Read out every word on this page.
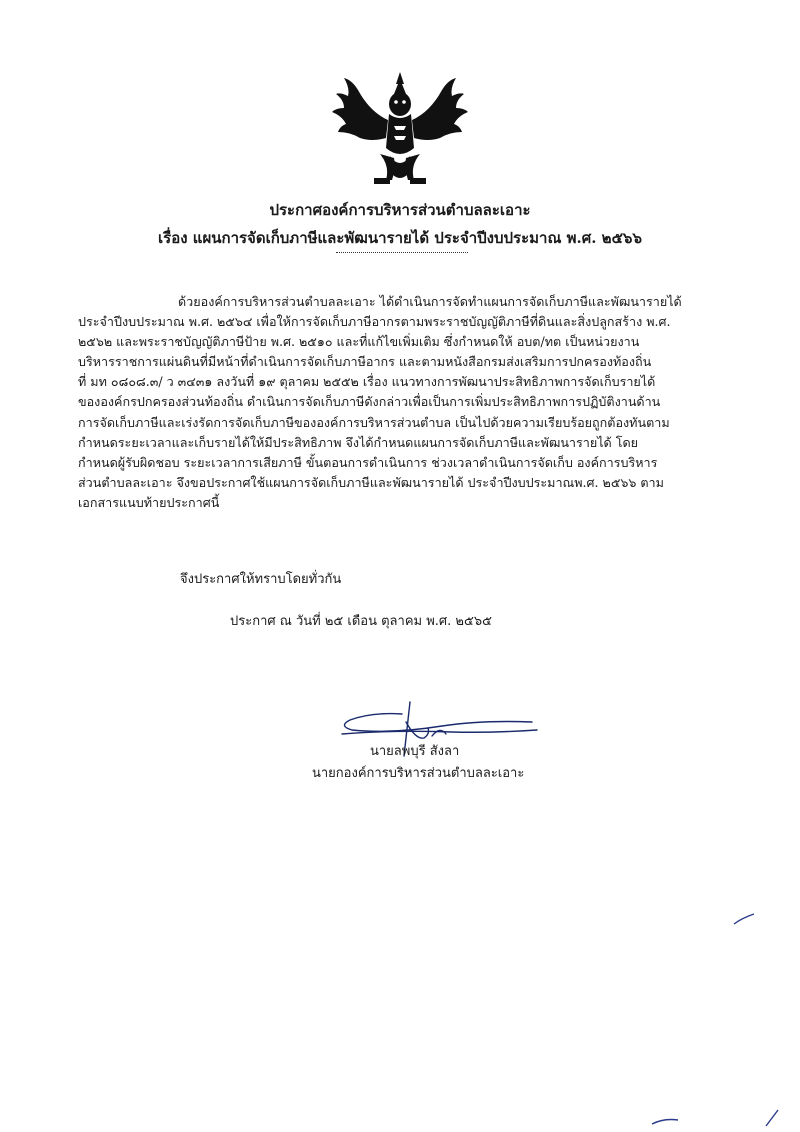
ประกาศองค์การบริหารส่วนตำบลละเอาะ
เรื่อง แผนการจัดเก็บภาษีและพัฒนารายได้ ประจำปีงบประมาณ พ.ศ. ๒๕๖๖
ด้วยองค์การบริหารส่วนตำบลละเอาะ ได้ดำเนินการจัดทำแผนการจัดเก็บภาษีและพัฒนารายได้
ประจำปีงบประมาณ พ.ศ. ๒๕๖๔ เพื่อให้การจัดเก็บภาษีอากรตามพระราชบัญญัติภาษีที่ดินและสิ่งปลูกสร้าง พ.ศ.
๒๕๖๒ และพระราชบัญญัติภาษีป้าย พ.ศ. ๒๕๑๐ และที่แก้ไขเพิ่มเติม ซึ่งกำหนดให้ อบต/ทต เป็นหน่วยงาน
บริหารราชการแผ่นดินที่มีหน้าที่ดำเนินการจัดเก็บภาษีอากร และตามหนังสือกรมส่งเสริมการปกครองท้องถิ่น
ที่ มท ๐๘๐๘.๓/ ว ๓๔๓๑ ลงวันที่ ๑๙ ตุลาคม ๒๕๕๒ เรื่อง แนวทางการพัฒนาประสิทธิภาพการจัดเก็บรายได้
ขององค์กรปกครองส่วนท้องถิ่น ดำเนินการจัดเก็บภาษีดังกล่าวเพื่อเป็นการเพิ่มประสิทธิภาพการปฏิบัติงานด้าน
การจัดเก็บภาษีและเร่งรัดการจัดเก็บภาษีขององค์การบริหารส่วนตำบล เป็นไปด้วยความเรียบร้อยถูกต้องทันตาม
กำหนดระยะเวลาและเก็บรายได้ให้มีประสิทธิภาพ จึงได้กำหนดแผนการจัดเก็บภาษีและพัฒนารายได้ โดย
กำหนดผู้รับผิดชอบ ระยะเวลาการเสียภาษี ขั้นตอนการดำเนินการ ช่วงเวลาดำเนินการจัดเก็บ องค์การบริหาร
ส่วนตำบลละเอาะ จึงขอประกาศใช้แผนการจัดเก็บภาษีและพัฒนารายได้ ประจำปีงบประมาณพ.ศ. ๒๕๖๖ ตาม
เอกสารแนบท้ายประกาศนี้
จึงประกาศให้ทราบโดยทั่วกัน
ประกาศ ณ วันที่ ๒๕ เดือน ตุลาคม พ.ศ. ๒๕๖๕
นายลพบุรี สังลา
นายกองค์การบริหารส่วนตำบลละเอาะ
